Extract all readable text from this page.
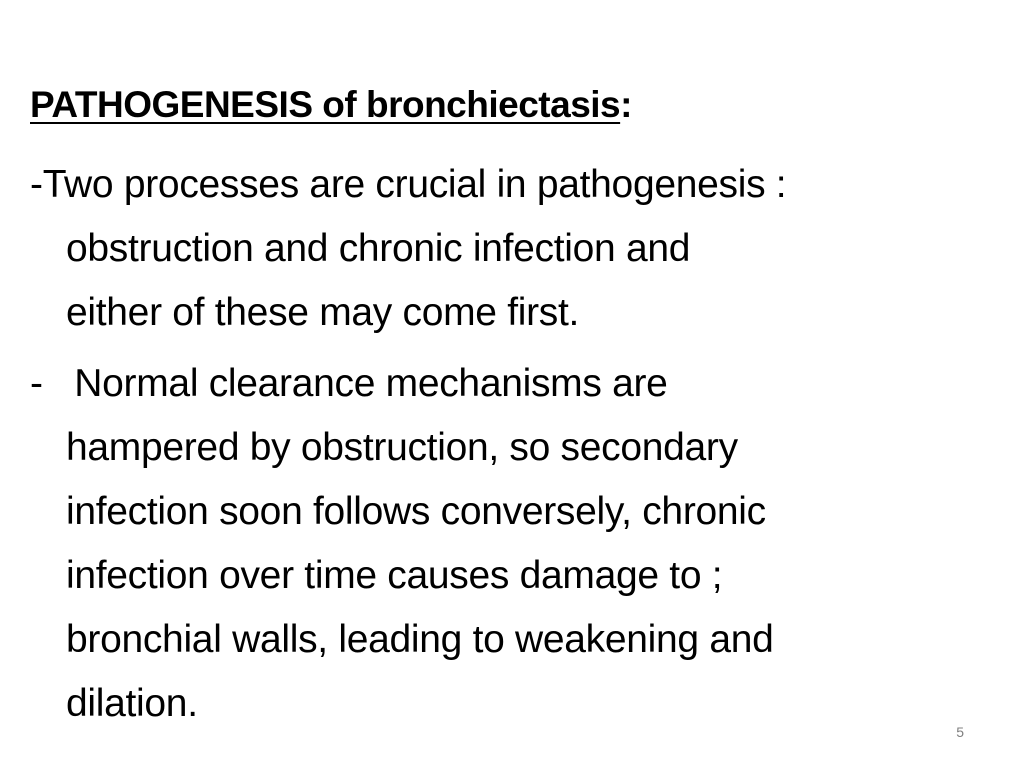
PATHOGENESIS of bronchiectasis:
-Two processes are crucial in pathogenesis :
obstruction and chronic infection and
either of these may come first.
-   Normal clearance mechanisms are
hampered by obstruction, so secondary
infection soon follows conversely, chronic
infection over time causes damage to ;
bronchial walls, leading to weakening and
dilation.
5
